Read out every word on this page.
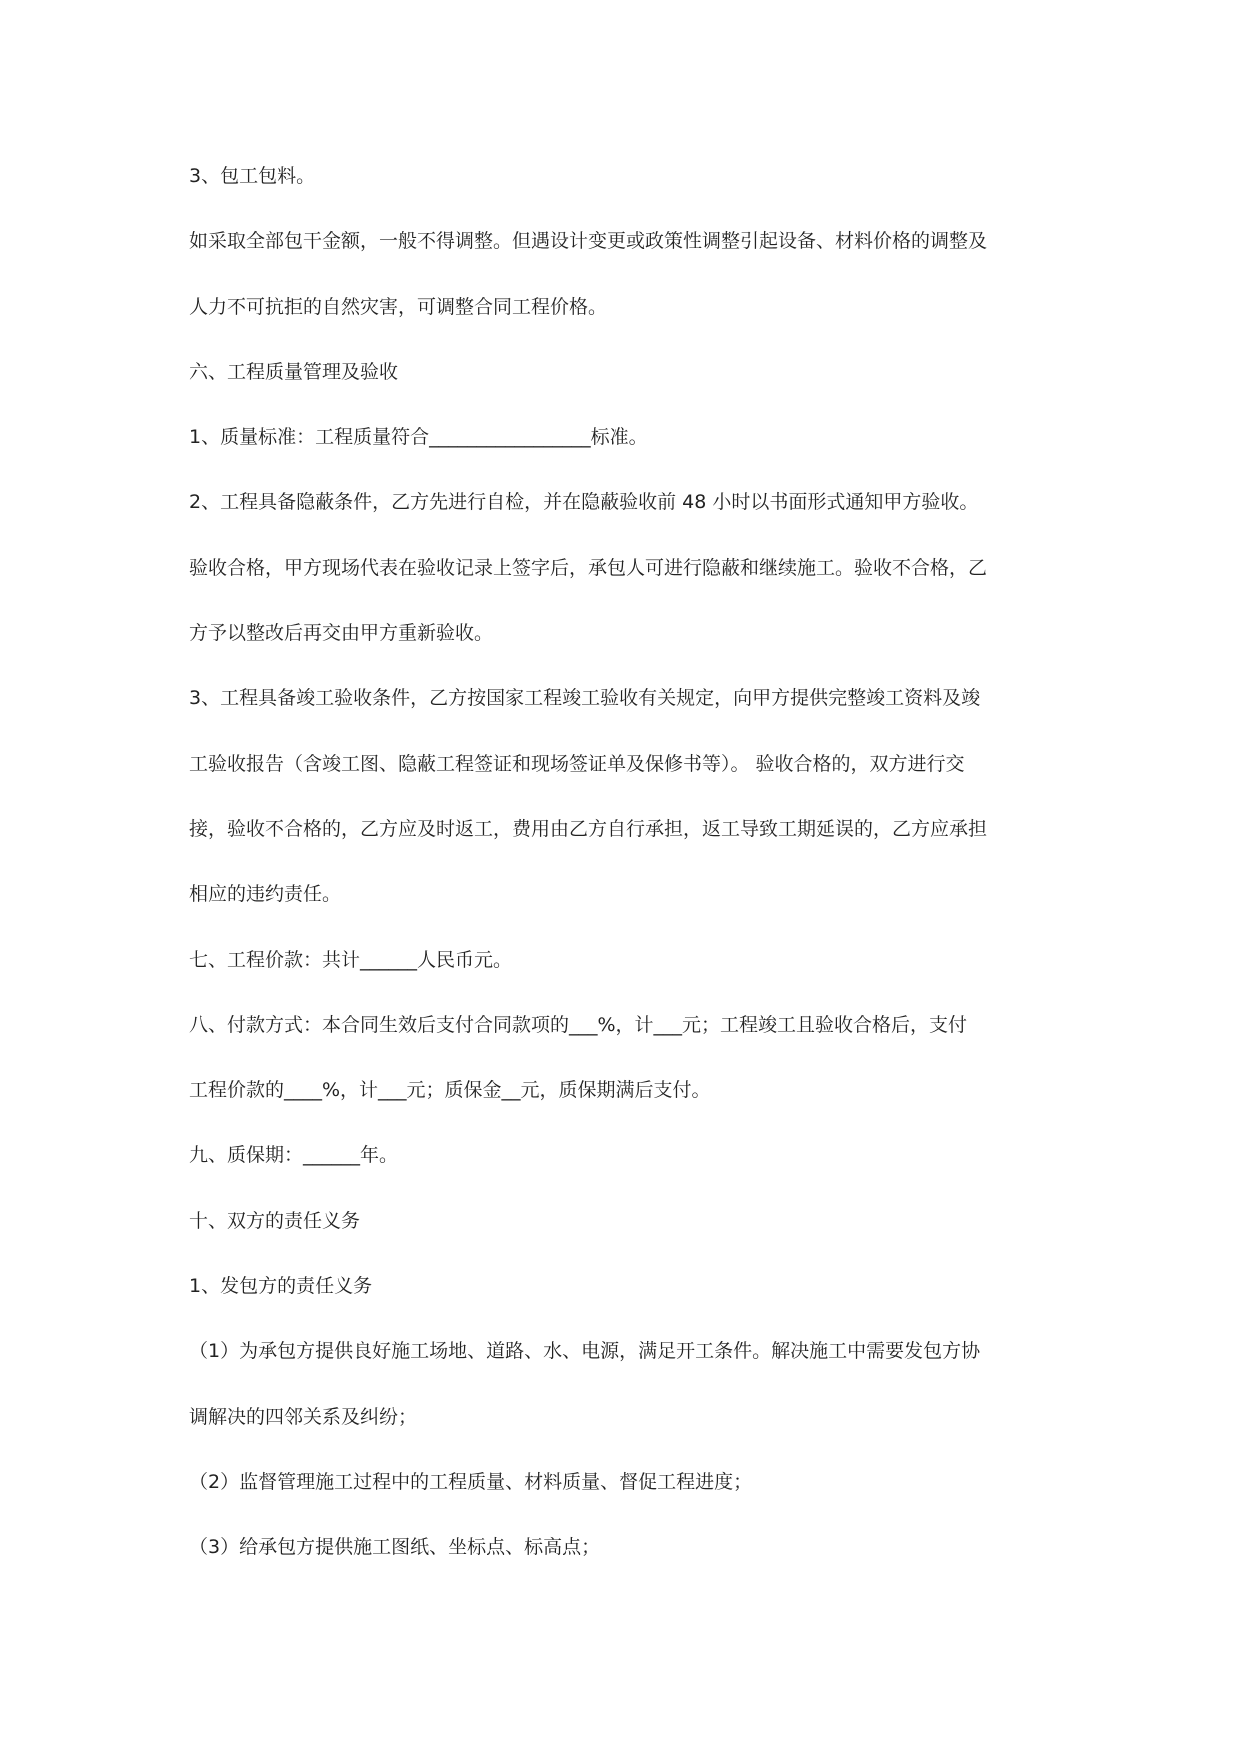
3、包工包料。
如采取全部包干金额，一般不得调整。但遇设计变更或政策性调整引起设备、材料价格的调整及
人力不可抗拒的自然灾害，可调整合同工程价格。
六、工程质量管理及验收
1、质量标准：工程质量符合_________________标准。
2、工程具备隐蔽条件，乙方先进行自检，并在隐蔽验收前 48 小时以书面形式通知甲方验收。
验收合格，甲方现场代表在验收记录上签字后，承包人可进行隐蔽和继续施工。验收不合格，乙
方予以整改后再交由甲方重新验收。
3、工程具备竣工验收条件，乙方按国家工程竣工验收有关规定，向甲方提供完整竣工资料及竣
工验收报告（含竣工图、隐蔽工程签证和现场签证单及保修书等）。 验收合格的，双方进行交
接，验收不合格的，乙方应及时返工，费用由乙方自行承担，返工导致工期延误的，乙方应承担
相应的违约责任。
七、工程价款：共计______人民币元。
八、付款方式：本合同生效后支付合同款项的___%，计___元；工程竣工且验收合格后，支付
工程价款的____%，计___元；质保金__元，质保期满后支付。
九、质保期：______年。
十、双方的责任义务
1、发包方的责任义务
（1）为承包方提供良好施工场地、道路、水、电源，满足开工条件。解决施工中需要发包方协
调解决的四邻关系及纠纷；
（2）监督管理施工过程中的工程质量、材料质量、督促工程进度；
（3）给承包方提供施工图纸、坐标点、标高点；
